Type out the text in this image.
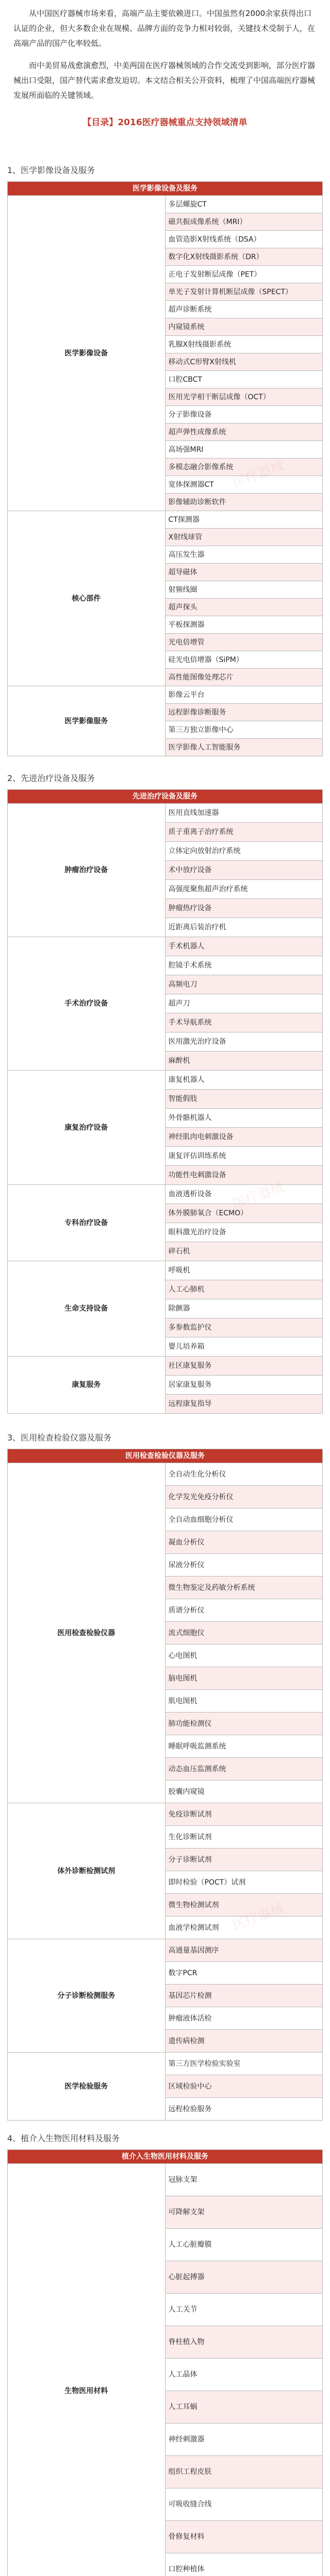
从中国医疗器械市场来看，高端产品主要依赖进口。中国虽然有2000余家获得出口认证的企业，但大多数企业在规模、品牌方面的竞争力相对较弱，关键技术受制于人，在高端产品的国产化率较低。

而中美贸易战愈演愈烈，中美两国在医疗器械领域的合作交流受到影响，部分医疗器械出口受限，国产替代需求愈发迫切。本文结合相关公开资料，梳理了中国高端医疗器械发展所面临的关键领域。

【目录】2016医疗器械重点支持领域清单
1、医学影像设备及服务
医学影像设备及服务	
医学影像设备	多层螺旋CT
	磁共振成像系统（MRI）
	血管造影X射线系统（DSA）
	数字化X射线摄影系统（DR）
	正电子发射断层成像（PET）
	单光子发射计算机断层成像（SPECT）
	超声诊断系统
	内窥镜系统
	乳腺X射线摄影系统
	移动式C形臂X射线机
	口腔CBCT
	医用光学相干断层成像（OCT）
	分子影像设备
	超声弹性成像系统
	高场强MRI
	多模态融合影像系统
	宽体探测器CT
	影像辅助诊断软件
核心部件	CT探测器
	X射线球管
	高压发生器
	超导磁体
	射频线圈
	超声探头
	平板探测器
	光电倍增管
	硅光电倍增器（SiPM）
	高性能图像处理芯片
医学影像服务	影像云平台
	远程影像诊断服务
	第三方独立影像中心
	医学影像人工智能服务
2、先进治疗设备及服务
先进治疗设备及服务	
肿瘤治疗设备	医用直线加速器
	质子重离子治疗系统
	立体定向放射治疗系统
	术中放疗设备
	高强度聚焦超声治疗系统
	肿瘤热疗设备
	近距离后装治疗机
手术治疗设备	手术机器人
	腔镜手术系统
	高频电刀
	超声刀
	手术导航系统
	医用激光治疗设备
	麻醉机
康复治疗设备	康复机器人
	智能假肢
	外骨骼机器人
	神经肌肉电刺激设备
	康复评估训练系统
	功能性电刺激设备
专科治疗设备	血液透析设备
	体外膜肺氧合（ECMO）
	眼科激光治疗设备
	碎石机
生命支持设备	呼吸机
	人工心肺机
	除颤器
	多参数监护仪
	婴儿培养箱
康复服务	社区康复服务
	居家康复服务
	远程康复指导
3、医用检查检验仪器及服务
医用检查检验仪器及服务	
医用检查检验仪器	全自动生化分析仪
	化学发光免疫分析仪
	全自动血细胞分析仪
	凝血分析仪
	尿液分析仪
	微生物鉴定及药敏分析系统
	质谱分析仪
	流式细胞仪
	心电图机
	脑电图机
	肌电图机
	肺功能检测仪
	睡眠呼吸监测系统
	动态血压监测系统
	胶囊内窥镜
体外诊断检测试剂	免疫诊断试剂
	生化诊断试剂
	分子诊断试剂
	即时检验（POCT）试剂
	微生物检测试剂
	血液学检测试剂
分子诊断检测服务	高通量基因测序
	数字PCR
	基因芯片检测
	肿瘤液体活检
	遗传病检测
医学检验服务	第三方医学检验实验室
	区域检验中心
	远程检验服务
4、植介入生物医用材料及服务
植介入生物医用材料及服务	
生物医用材料	冠脉支架
	可降解支架
	人工心脏瓣膜
	心脏起搏器
	人工关节
	脊柱植入物
	人工晶体
	人工耳蜗
	神经刺激器
	组织工程皮肤
	可吸收缝合线
	骨修复材料
	口腔种植体

医疗器械
医疗器械
